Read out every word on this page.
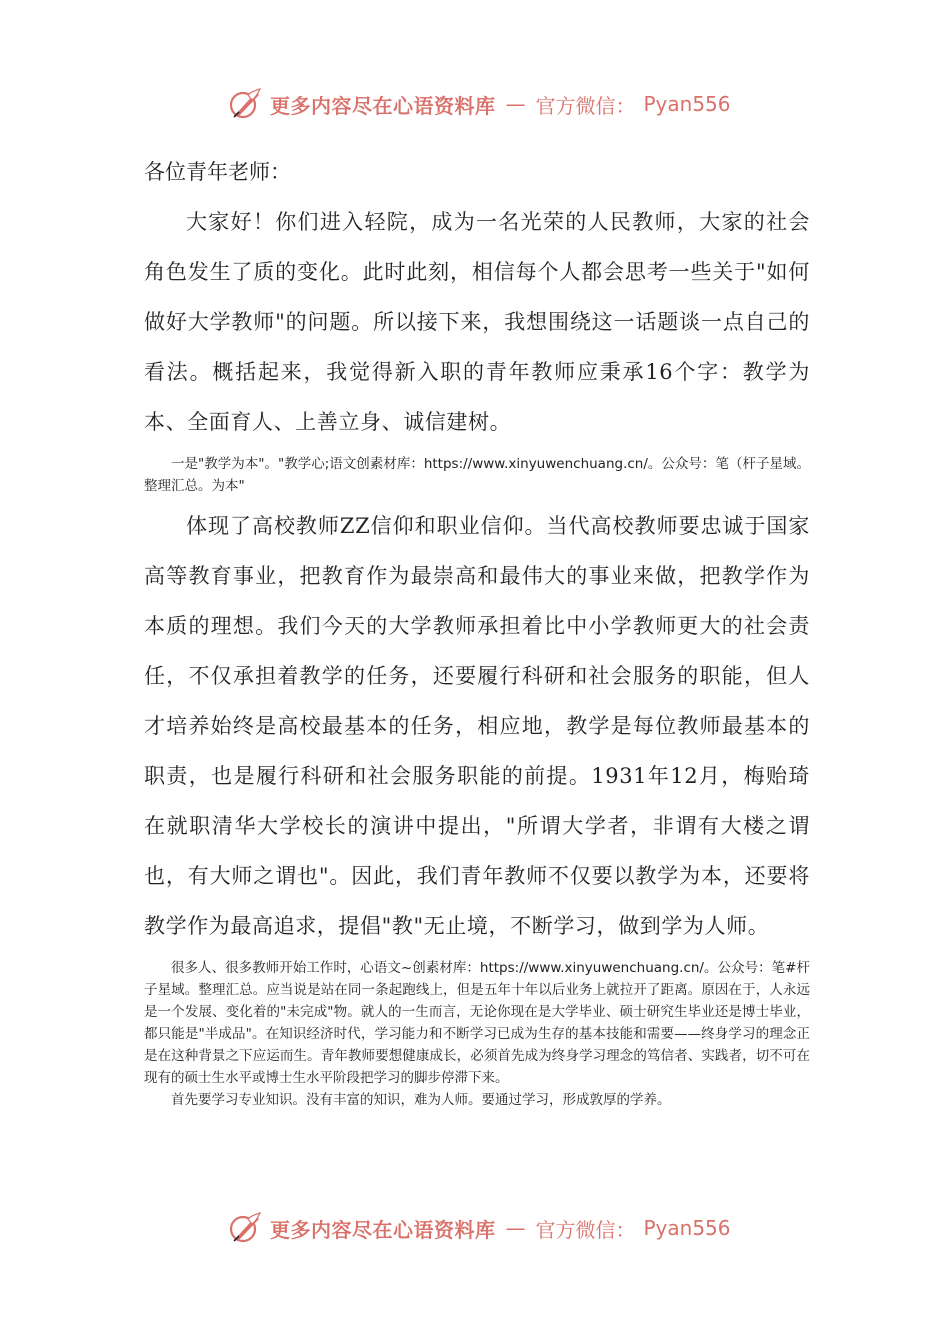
更多内容尽在心语资料库 — 官方微信： Pyan556

各位青年老师：

大家好！你们进入轻院，成为一名光荣的人民教师，大家的社会角色发生了质的变化。此时此刻，相信每个人都会思考一些关于"如何做好大学教师"的问题。所以接下来，我想围绕这一话题谈一点自己的看法。概括起来，我觉得新入职的青年教师应秉承16个字：教学为本、全面育人、上善立身、诚信建树。

一是"教学为本"。"教学心;语文创素材库：https://www.xinyuwenchuang.cn/。公众号：笔（杆子星域。整理汇总。为本"

体现了高校教师ZZ信仰和职业信仰。当代高校教师要忠诚于国家高等教育事业，把教育作为最崇高和最伟大的事业来做，把教学作为本质的理想。我们今天的大学教师承担着比中小学教师更大的社会责任，不仅承担着教学的任务，还要履行科研和社会服务的职能，但人才培养始终是高校最基本的任务，相应地，教学是每位教师最基本的职责，也是履行科研和社会服务职能的前提。1931年12月，梅贻琦在就职清华大学校长的演讲中提出，"所谓大学者，非谓有大楼之谓也，有大师之谓也"。因此，我们青年教师不仅要以教学为本，还要将教学作为最高追求，提倡"教"无止境，不断学习，做到学为人师。

很多人、很多教师开始工作时，心语文~创素材库：https://www.xinyuwenchuang.cn/。公众号：笔#杆子星域。整理汇总。应当说是站在同一条起跑线上，但是五年十年以后业务上就拉开了距离。原因在于，人永远是一个发展、变化着的"未完成"物。就人的一生而言，无论你现在是大学毕业、硕士研究生毕业还是博士毕业，都只能是"半成品"。在知识经济时代，学习能力和不断学习已成为生存的基本技能和需要——终身学习的理念正是在这种背景之下应运而生。青年教师要想健康成长，必须首先成为终身学习理念的笃信者、实践者，切不可在现有的硕士生水平或博士生水平阶段把学习的脚步停滞下来。

首先要学习专业知识。没有丰富的知识，难为人师。要通过学习，形成敦厚的学养。

更多内容尽在心语资料库 — 官方微信： Pyan556
